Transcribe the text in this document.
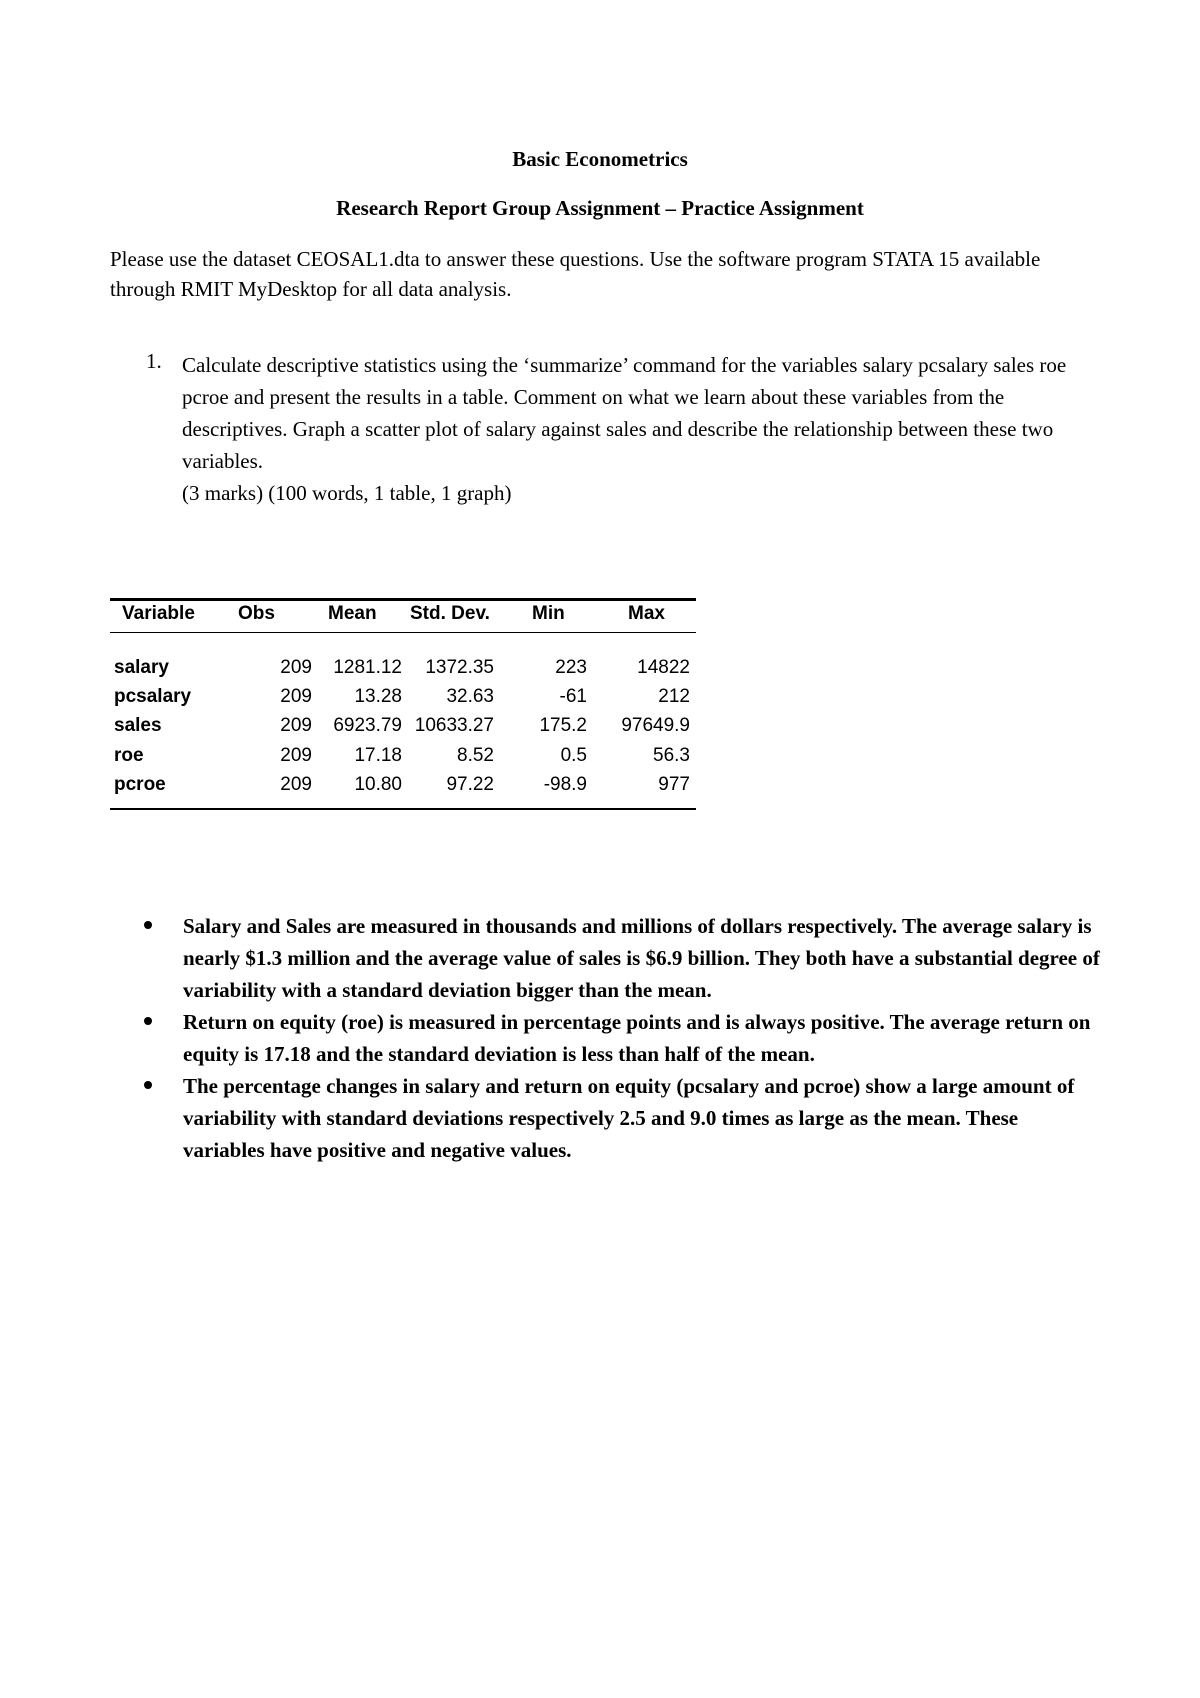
Basic Econometrics
Research Report Group Assignment – Practice Assignment
Please use the dataset CEOSAL1.dta to answer these questions. Use the software program STATA 15 available through RMIT MyDesktop for all data analysis.
1. Calculate descriptive statistics using the ‘summarize’ command for the variables salary pcsalary sales roe pcroe and present the results in a table. Comment on what we learn about these variables from the descriptives. Graph a scatter plot of salary against sales and describe the relationship between these two variables.
(3 marks) (100 words, 1 table, 1 graph)
Variable Obs	Mean Std. Dev. Min	Max
salary	209	1281.12	1372.35	223	14822
pcsalary	209	13.28	32.63	-61	212
sales	209	6923.79 10633.27	175.2	97649.9
roe	209	17.18	8.52	0.5	56.3
pcroe	209	10.80	97.22	-98.9	977
Salary and Sales are measured in thousands and millions of dollars respectively. The average salary is nearly $1.3 million and the average value of sales is $6.9 billion. They both have a substantial degree of variability with a standard deviation bigger than the mean.
Return on equity (roe) is measured in percentage points and is always positive. The average return on equity is 17.18 and the standard deviation is less than half of the mean.
The percentage changes in salary and return on equity (pcsalary and pcroe) show a large amount of variability with standard deviations respectively 2.5 and 9.0 times as large as the mean. These variables have positive and negative values.
